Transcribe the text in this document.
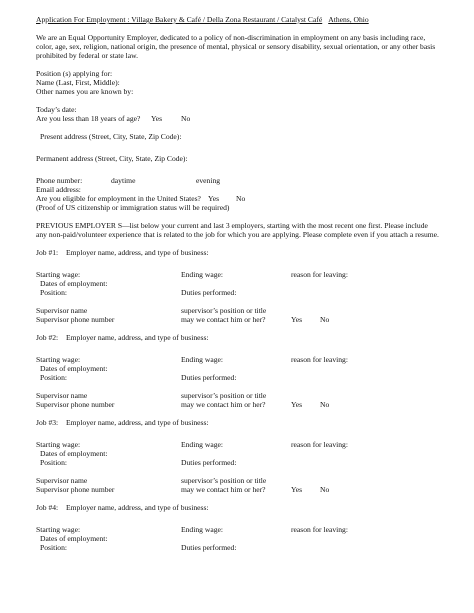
Application For Employment : Village Bakery & Café / Della Zona Restaurant / Catalyst Café Athens, Ohio

We are an Equal Opportunity Employer, dedicated to a policy of non-discrimination in employment on any basis including race, color, age, sex, religion, national origin, the presence of mental, physical or sensory disability, sexual orientation, or any other basis prohibited by federal or state law.

Position (s) applying for:

Name (Last, First, Middle):

Other names you are known by:

Today’s date:

Are you less than 18 years of age? Yes No

Present address (Street, City, State, Zip Code):

Permanent address (Street, City, State, Zip Code):

Phone number:	daytime	evening

Email address:

Are you eligible for employment in the United States? Yes No

(Proof of US citizenship or immigration status will be required)

PREVIOUS EMPLOYER S—list below your current and last 3 employers, starting with the most recent one first. Please include any non-paid/volunteer experience that is related to the job for which you are applying. Please complete even if you attach a resume.

Job #1: Employer name, address, and type of business:
Starting wage:	Ending wage:	reason for leaving:

Dates of employment:

Position:	Duties performed:
Supervisor name	supervisor’s position or title
Supervisor phone number	may we contact him or her?	Yes No
Job #2: Employer name, address, and type of business:
Starting wage:	Ending wage:	reason for leaving:

Dates of employment:

Position:	Duties performed:
Supervisor name	supervisor’s position or title
Supervisor phone number	may we contact him or her?	Yes No
Job #3: Employer name, address, and type of business:
Starting wage:	Ending wage:	reason for leaving:

Dates of employment:

Position:	Duties performed:
Supervisor name	supervisor’s position or title
Supervisor phone number	may we contact him or her?	Yes No
Job #4: Employer name, address, and type of business:
Starting wage:	Ending wage:	reason for leaving:

Dates of employment:

Position:	Duties performed:
